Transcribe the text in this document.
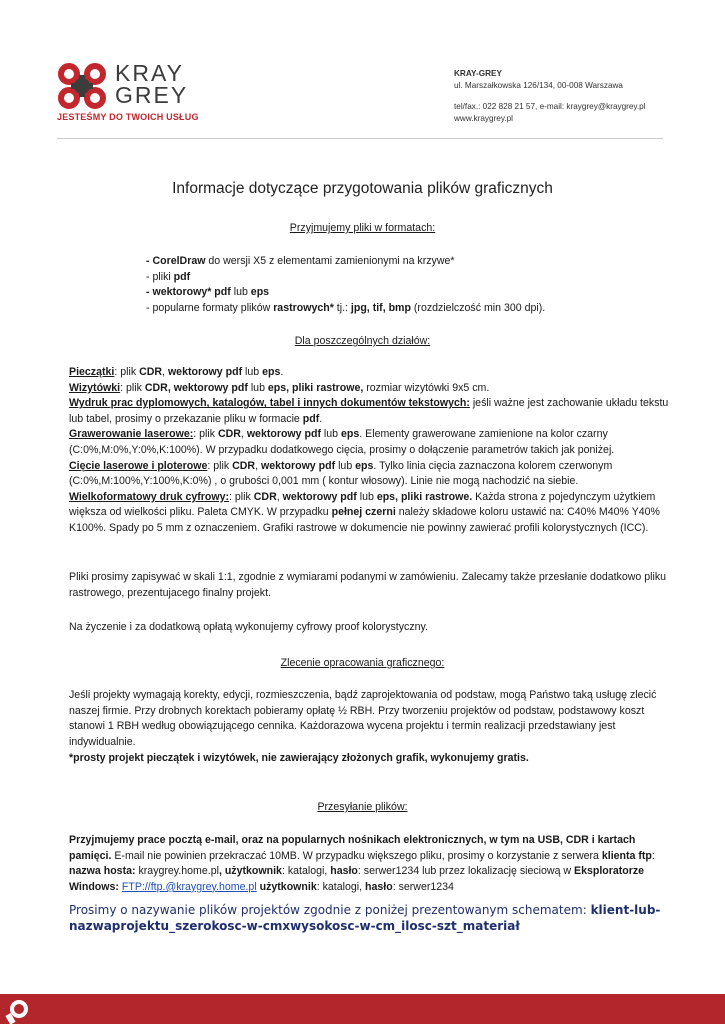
KRAY
GREY
JESTEŚMY DO TWOICH USŁUG
KRAY-GREY
ul. Marszałkowska 126/134, 00-008 Warszawa
tel/fax.: 022 828 21 57, e-mail: kraygrey@kraygrey.pl
www.kraygrey.pl
Informacje dotyczące przygotowania plików graficznych
Przyjmujemy pliki w formatach:
- CorelDraw do wersji X5 z elementami zamienionymi na krzywe*
- pliki pdf
- wektorowy* pdf lub eps
- popularne formaty plików rastrowych* tj.: jpg, tif, bmp (rozdzielczość min 300 dpi).
Dla poszczególnych działów:
Pieczątki: plik CDR, wektorowy pdf lub eps.
Wizytówki: plik CDR, wektorowy pdf lub eps, pliki rastrowe, rozmiar wizytówki 9x5 cm.
Wydruk prac dyplomowych, katalogów, tabel i innych dokumentów tekstowych: jeśli ważne jest zachowanie układu tekstu lub tabel, prosimy o przekazanie pliku w formacie pdf.
Grawerowanie laserowe:: plik CDR, wektorowy pdf lub eps. Elementy grawerowane zamienione na kolor czarny (C:0%,M:0%,Y:0%,K:100%). W przypadku dodatkowego cięcia, prosimy o dołączenie parametrów takich jak poniżej.
Cięcie laserowe i ploterowe: plik CDR, wektorowy pdf lub eps. Tylko linia cięcia zaznaczona kolorem czerwonym (C:0%,M:100%,Y:100%,K:0%) , o grubości 0,001 mm ( kontur włosowy). Linie nie mogą nachodzić na siebie.
Wielkoformatowy druk cyfrowy:: plik CDR, wektorowy pdf lub eps, pliki rastrowe. Każda strona z pojedynczym użytkiem większa od wielkości pliku. Paleta CMYK. W przypadku pełnej czerni należy składowe koloru ustawić na: C40% M40% Y40% K100%. Spady po 5 mm z oznaczeniem. Grafiki rastrowe w dokumencie nie powinny zawierać profili kolorystycznych (ICC).
Pliki prosimy zapisywać w skali 1:1, zgodnie z wymiarami podanymi w zamówieniu. Zalecamy także przesłanie dodatkowo pliku rastrowego, prezentujacego finalny projekt.
Na życzenie i za dodatkową opłatą wykonujemy cyfrowy proof kolorystyczny.
Zlecenie opracowania graficznego:
Jeśli projekty wymagają korekty, edycji, rozmieszczenia, bądź zaprojektowania od podstaw, mogą Państwo taką usługę zlecić naszej firmie. Przy drobnych korektach pobieramy opłatę ½ RBH. Przy tworzeniu projektów od podstaw, podstawowy koszt stanowi 1 RBH według obowiązującego cennika. Każdorazowa wycena projektu i termin realizacji przedstawiany jest indywidualnie.
*prosty projekt pieczątek i wizytówek, nie zawierający złożonych grafik, wykonujemy gratis.
Przesyłanie plików:
Przyjmujemy prace pocztą e-mail, oraz na popularnych nośnikach elektronicznych, w tym na USB, CDR i kartach pamięci. E-mail nie powinien przekraczać 10MB. W przypadku większego pliku, prosimy o korzystanie z serwera klienta ftp: nazwa hosta: kraygrey.home.pl, użytkownik: katalogi, hasło: serwer1234 lub przez lokalizację sieciową w Eksploratorze Windows: FTP://ftp.@kraygrey.home.pl użytkownik: katalogi, hasło: serwer1234
Prosimy o nazywanie plików projektów zgodnie z poniżej prezentowanym schematem: klient-lub-nazwaprojektu_szerokosc-w-cmxwysokosc-w-cm_ilosc-szt_materiał
